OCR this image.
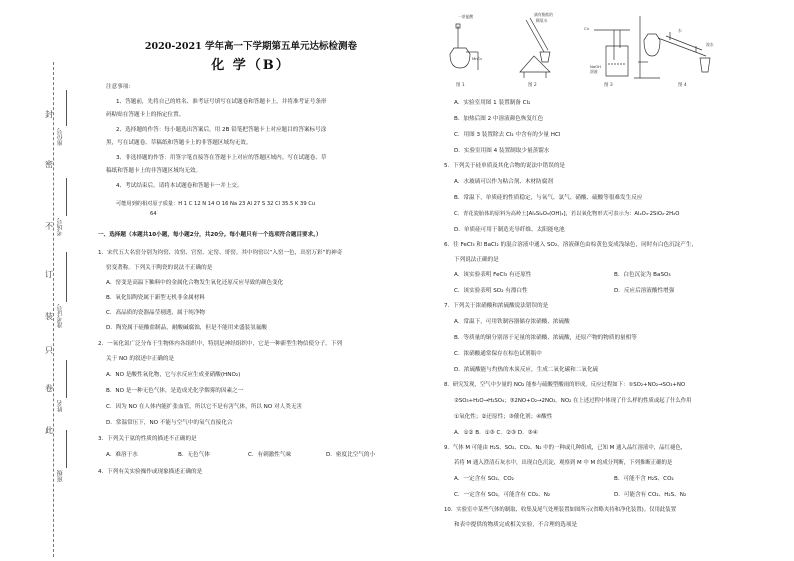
封
密
不
订
装
只
卷
此
座位号
考场号
准考证号
姓名
班级
2020-2021 学年高一下学期第五单元达标检测卷
化 学（B）
注意事项：
1、答题前，先将自己的姓名、准考证号填写在试题卷和答题卡上，并将准考证号条形
码粘贴在答题卡上的指定位置。
2、选择题的作答：每小题选出答案后，用 2B 铅笔把答题卡上对应题目的答案标号涂
黑，写在试题卷、草稿纸和答题卡上的非答题区域均无效。
3、非选择题的作答：用签字笔直接答在答题卡上对应的答题区域内。写在试题卷、草
稿纸和答题卡上的非答题区域均无效。
4、考试结束后，请将本试题卷和答题卡一并上交。
可能用到的相对原子质量：H 1 C 12 N 14 O 16 Na 23 Al 27 S 32 Cl 35.5 K 39 Cu
64
一、选择题（本题共10小题，每小题2分，共20分。每小题只有一个选项符合题目要求。）
1．宋代五大名窑分别为钧窑、汝窑、官窑、定窑、哥窑。其中钧窑以“入窑一色，出窑万彩”的神奇
窑变著称。下列关于陶瓷的说法不正确的是
A．窑变是高温下釉料中的金属化合物发生氧化还原反应导致的颜色变化
B．氧化铝陶瓷属于新型无机非金属材料
C．高品质的瓷器晶莹剔透，属于纯净物
D．陶瓷属于硅酸盐制品，耐酸碱腐蚀，但是不能用来盛装氢氟酸
2．一氧化氮广泛分布于生物体内各组织中，特别是神经组织中，它是一种新型生物信使分子。下列
关于 NO 的叙述中正确的是
A．NO 是酸性氧化物，它与水反应生成亚硝酸(HNO₂)
B．NO 是一种无色气体，是造成光化学烟雾的因素之一
C．因为 NO 在人体内能扩张血管，所以它不是有害气体，所以 NO 对人类无害
D．常温常压下，NO 不能与空气中的氧气直接化合
3．下列关于氨的性质的描述不正确的是
A．难溶于水	B．无色气体	C．有刺激性气味	D．密度比空气的小
4．下列有关实验操作或现象描述正确的是
一浓盐酸
MnO₂
滴有酚酞的
稀氨水
Cl₂
NaOH
溶液
水
溴水
图 1	图 2	图 3	图 4
A．实验室用图 1 装置制备 Cl₂
B．加热后图 2 中溶液颜色恢复红色
C．用图 3 装置除去 Cl₂ 中含有的少量 HCl
D．实验室用图 4 装置制取少量蒸馏水
5．下列关于硅单质及其化合物的说法中错误的是
A．水玻璃可以作为粘合剂、木材防腐剂
B．常温下，单质硅的性质稳定，与氧气、氯气、硝酸、硫酸等很难发生反应
C．青花瓷胎体的原料为高岭土[Al₂Si₂O₅(OH)₄]，若以氧化物形式可表示为：Al₂O₃·2SiO₂·2H₂O
D．单质硅可用于制造光导纤维、太阳能电池
6．往 FeCl₃ 和 BaCl₂ 的混合溶液中通入 SO₂，溶液颜色由棕黄色变成浅绿色，同时有白色沉淀产生，
下列说法正确的是
A．该实验表明 FeCl₃ 有还原性	B．白色沉淀为 BaSO₃
C．该实验表明 SO₂ 有漂白性	D．反应后溶液酸性增强
7．下列关于浓硝酸和浓硫酸说法错误的是
A．常温下，可用铁制容器储存浓硝酸、浓硫酸
B．等质量的铜分别溶于足量的浓硝酸、浓硫酸，还原产物的物质的量相等
C．浓硝酸通常保存在棕色试剂瓶中
D．浓硫酸能与灼热的木炭反应，生成二氧化碳和二氧化硫
8．研究发现，空气中少量的 NO₂ 能参与硫酸型酸雨的形成，反应过程如下：①SO₂+NO₂→SO₃+NO
②SO₃+H₂O→H₂SO₄；③2NO+O₂→2NO₂。NO₂ 在上述过程中体现了什么样的性质或起了什么作用
①氧化性；②还原性；③催化剂；④酸性
A．①② B．①③ C．②③ D．③④
9．气体 M 可能由 H₂S、SO₂、CO₂、N₂ 中的一种或几种组成，已知 M 通入品红溶液中，品红褪色，
若将 M 通入澄清石灰水中，出现白色沉淀，观察到 M 中 M 的成分判断，下列推断正确的是
A．一定含有 SO₂、CO₂	B．可能不含 H₂S、CO₂
C．一定含有 SO₂，可能含有 CO₂、N₂	D．可能含有 CO₂、H₂S、N₂
10．实验室中某些气体的制取、收集及尾气处理装置如图所示(省略夹持和净化装置)。仅用此装置
和表中提供的物质完成相关实验，不合理的选项是
